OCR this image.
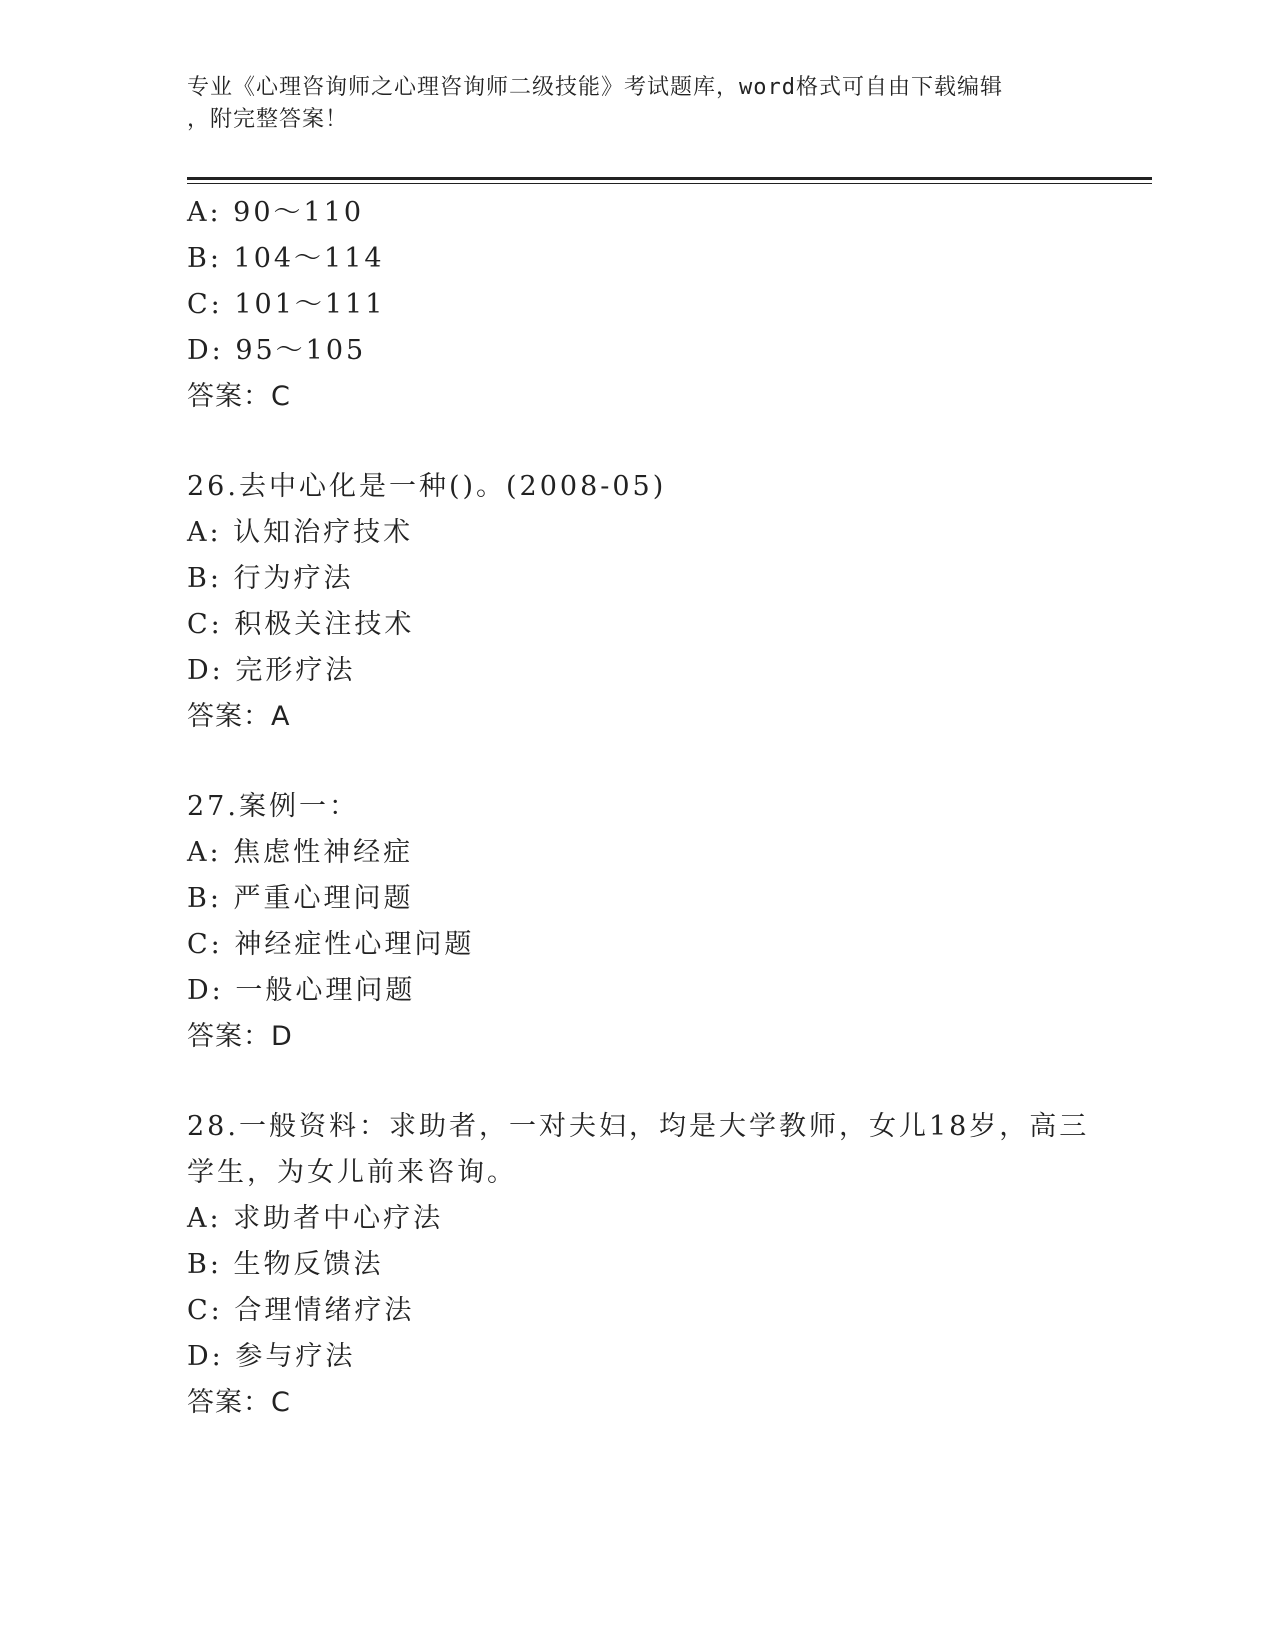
专业《心理咨询师之心理咨询师二级技能》考试题库，word格式可自由下载编辑
，附完整答案！
A: 90～110
B: 104～114
C: 101～111
D: 95～105
答案：C
26.去中心化是一种()。(2008-05)
A: 认知治疗技术
B: 行为疗法
C: 积极关注技术
D: 完形疗法
答案：A
27.案例一：
A: 焦虑性神经症
B: 严重心理问题
C: 神经症性心理问题
D: 一般心理问题
答案：D
28.一般资料：求助者，一对夫妇，均是大学教师，女儿18岁，高三
学生，为女儿前来咨询。
A: 求助者中心疗法
B: 生物反馈法
C: 合理情绪疗法
D: 参与疗法
答案：C
